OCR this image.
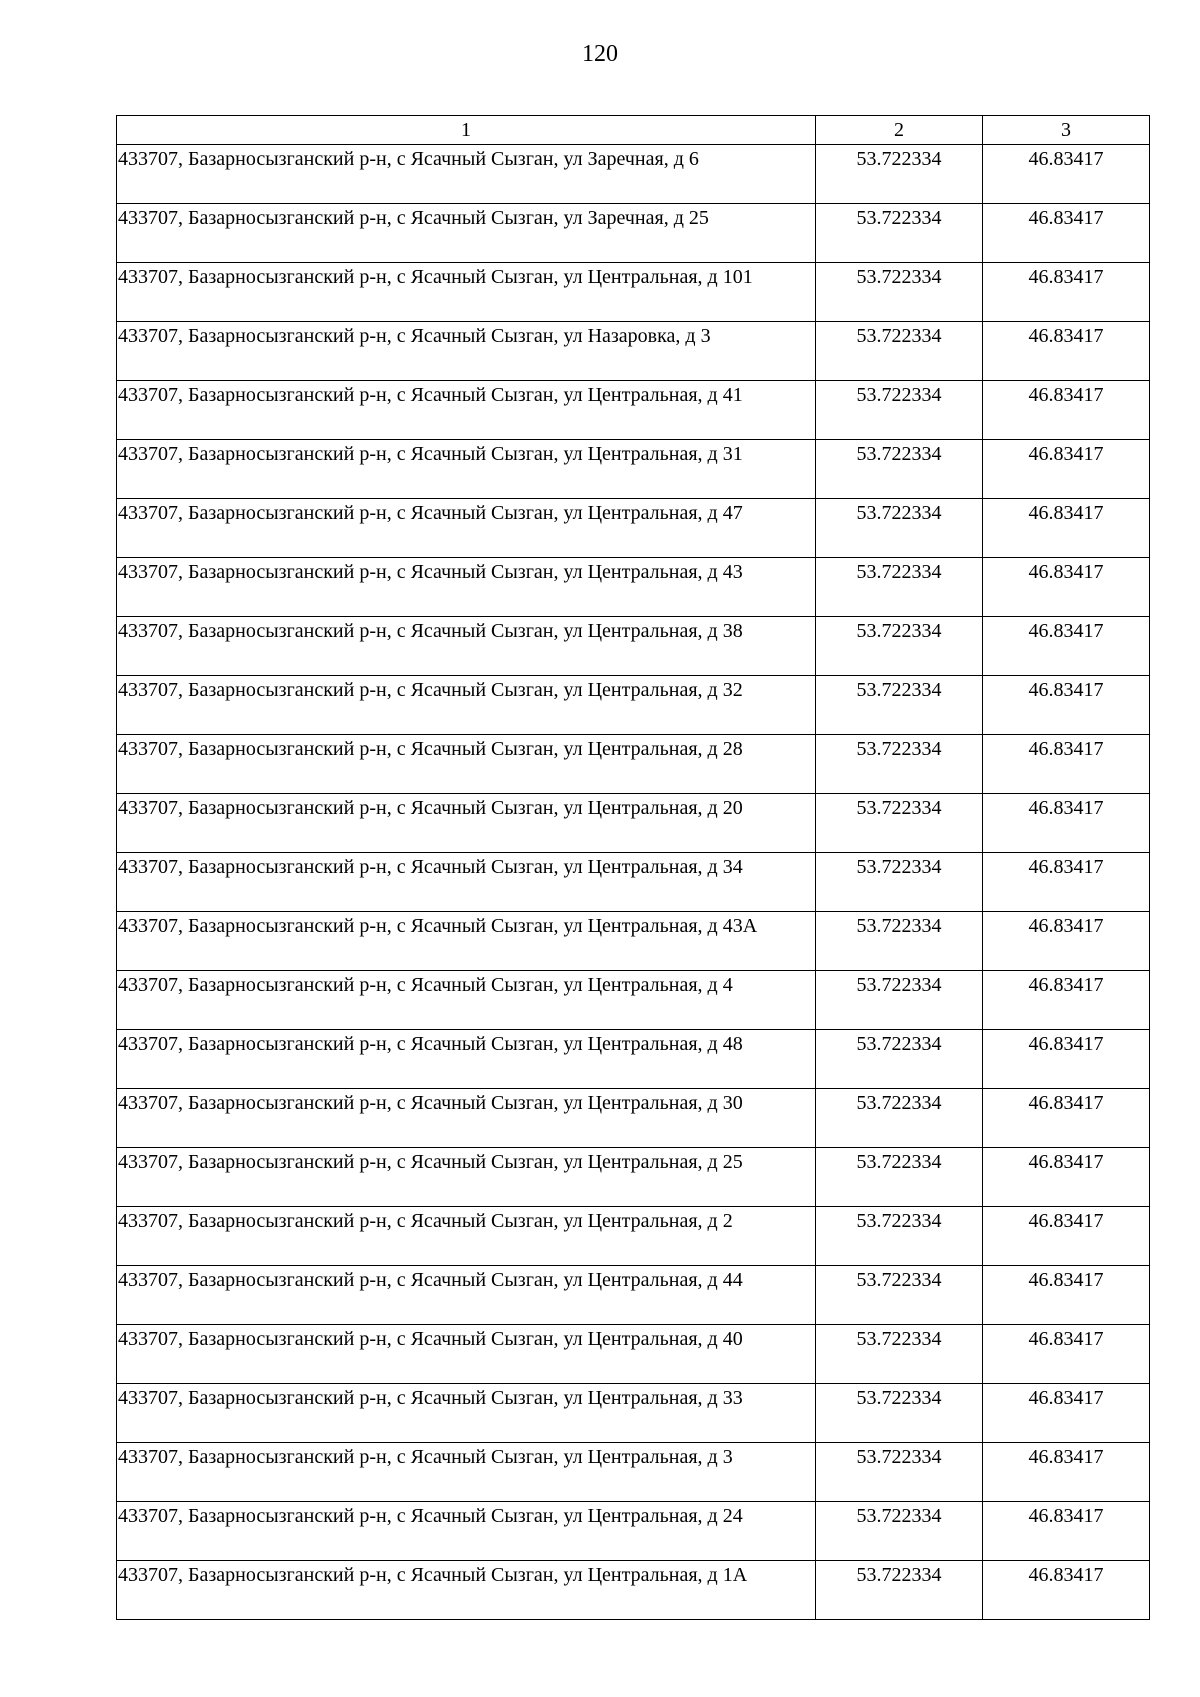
120
1	2	3
433707, Базарносызганский р-н, с Ясачный Сызган, ул Заречная, д 6	53.722334	46.83417
433707, Базарносызганский р-н, с Ясачный Сызган, ул Заречная, д 25	53.722334	46.83417
433707, Базарносызганский р-н, с Ясачный Сызган, ул Центральная, д 101	53.722334	46.83417
433707, Базарносызганский р-н, с Ясачный Сызган, ул Назаровка, д 3	53.722334	46.83417
433707, Базарносызганский р-н, с Ясачный Сызган, ул Центральная, д 41	53.722334	46.83417
433707, Базарносызганский р-н, с Ясачный Сызган, ул Центральная, д 31	53.722334	46.83417
433707, Базарносызганский р-н, с Ясачный Сызган, ул Центральная, д 47	53.722334	46.83417
433707, Базарносызганский р-н, с Ясачный Сызган, ул Центральная, д 43	53.722334	46.83417
433707, Базарносызганский р-н, с Ясачный Сызган, ул Центральная, д 38	53.722334	46.83417
433707, Базарносызганский р-н, с Ясачный Сызган, ул Центральная, д 32	53.722334	46.83417
433707, Базарносызганский р-н, с Ясачный Сызган, ул Центральная, д 28	53.722334	46.83417
433707, Базарносызганский р-н, с Ясачный Сызган, ул Центральная, д 20	53.722334	46.83417
433707, Базарносызганский р-н, с Ясачный Сызган, ул Центральная, д 34	53.722334	46.83417
433707, Базарносызганский р-н, с Ясачный Сызган, ул Центральная, д 43А	53.722334	46.83417
433707, Базарносызганский р-н, с Ясачный Сызган, ул Центральная, д 4	53.722334	46.83417
433707, Базарносызганский р-н, с Ясачный Сызган, ул Центральная, д 48	53.722334	46.83417
433707, Базарносызганский р-н, с Ясачный Сызган, ул Центральная, д 30	53.722334	46.83417
433707, Базарносызганский р-н, с Ясачный Сызган, ул Центральная, д 25	53.722334	46.83417
433707, Базарносызганский р-н, с Ясачный Сызган, ул Центральная, д 2	53.722334	46.83417
433707, Базарносызганский р-н, с Ясачный Сызган, ул Центральная, д 44	53.722334	46.83417
433707, Базарносызганский р-н, с Ясачный Сызган, ул Центральная, д 40	53.722334	46.83417
433707, Базарносызганский р-н, с Ясачный Сызган, ул Центральная, д 33	53.722334	46.83417
433707, Базарносызганский р-н, с Ясачный Сызган, ул Центральная, д 3	53.722334	46.83417
433707, Базарносызганский р-н, с Ясачный Сызган, ул Центральная, д 24	53.722334	46.83417
433707, Базарносызганский р-н, с Ясачный Сызган, ул Центральная, д 1А	53.722334	46.83417
